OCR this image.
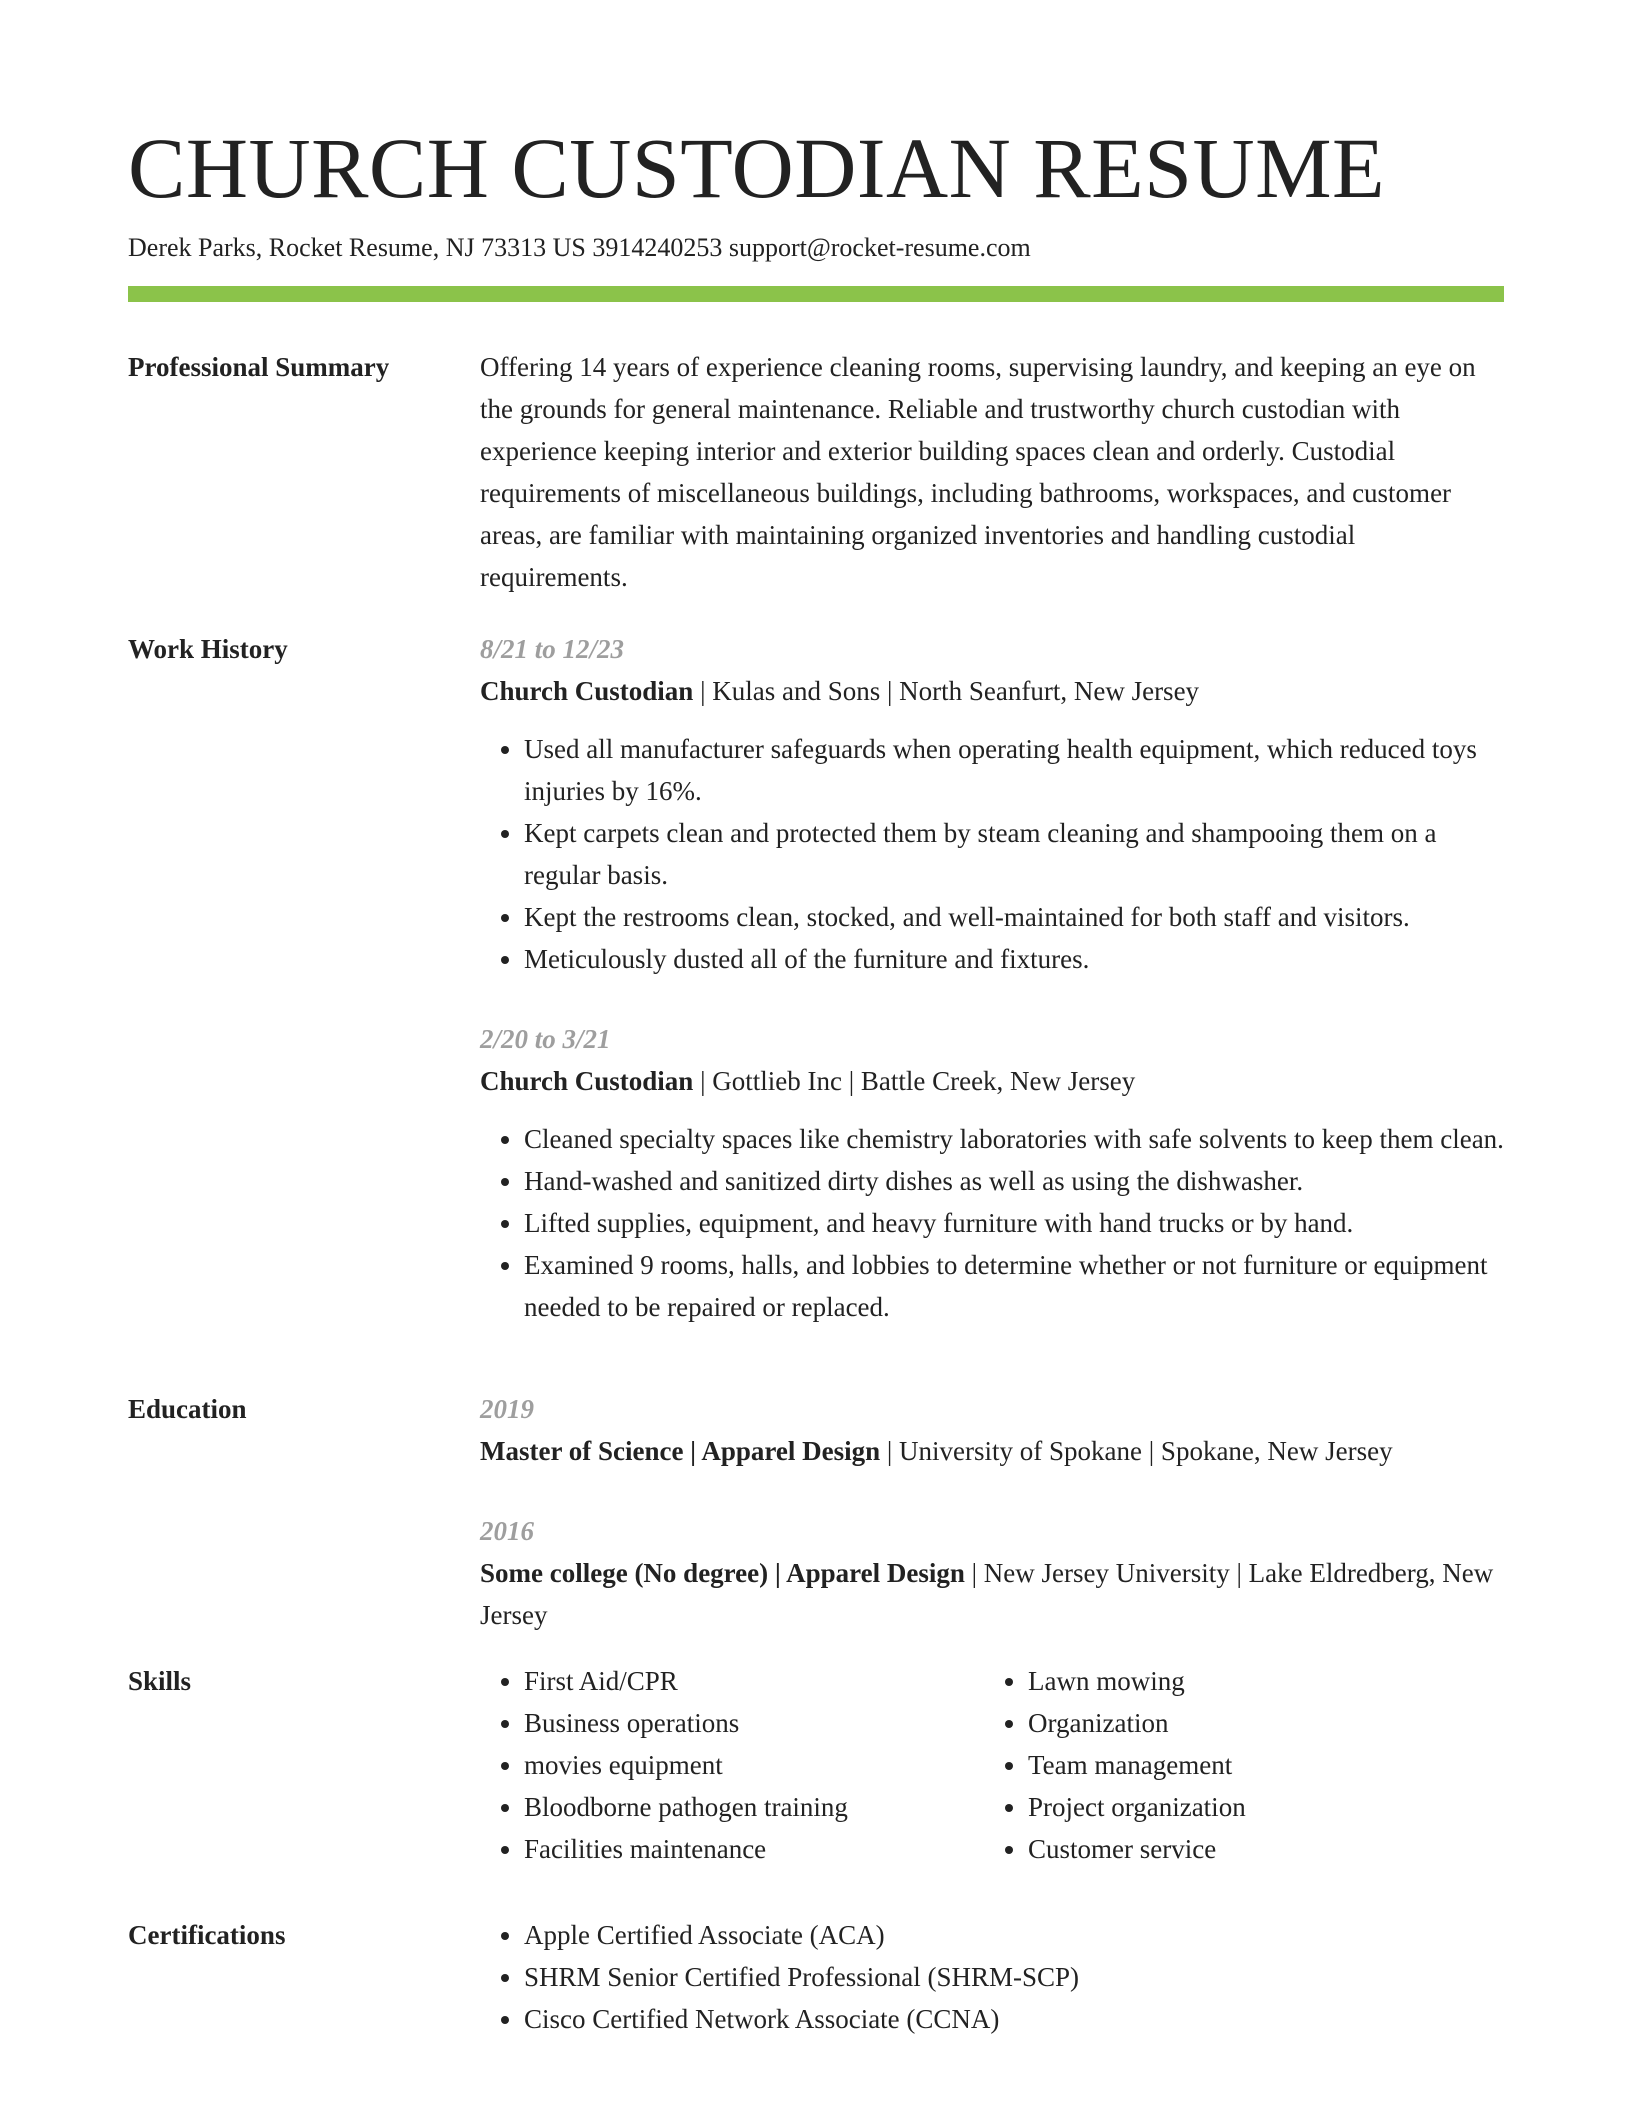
CHURCH CUSTODIAN RESUME
Derek Parks, Rocket Resume, NJ 73313 US 3914240253 support@rocket-resume.com
Professional Summary	Offering 14 years of experience cleaning rooms, supervising laundry, and keeping an eye on the grounds for general maintenance. Reliable and trustworthy church custodian with experience keeping interior and exterior building spaces clean and orderly. Custodial requirements of miscellaneous buildings, including bathrooms, workspaces, and customer areas, are familiar with maintaining organized inventories and handling custodial requirements.

Work History	8/21 to 12/23

Church Custodian | Kulas and Sons | North Seanfurt, New Jersey

• Used all manufacturer safeguards when operating health equipment, which reduced toys injuries by 16%.
• Kept carpets clean and protected them by steam cleaning and shampooing them on a regular basis.
• Kept the restrooms clean, stocked, and well-maintained for both staff and visitors.
• Meticulously dusted all of the furniture and fixtures.

2/20 to 3/21

Church Custodian | Gottlieb Inc | Battle Creek, New Jersey

• Cleaned specialty spaces like chemistry laboratories with safe solvents to keep them clean.
• Hand-washed and sanitized dirty dishes as well as using the dishwasher.
• Lifted supplies, equipment, and heavy furniture with hand trucks or by hand.
• Examined 9 rooms, halls, and lobbies to determine whether or not furniture or equipment needed to be repaired or replaced.
Education	2019

Master of Science | Apparel Design | University of Spokane | Spokane, New Jersey

2016

Some college (No degree) | Apparel Design | New Jersey University | Lake Eldredberg, New Jersey

Skills	• First Aid/CPR
• Business operations
• movies equipment
• Bloodborne pathogen training
• Facilities maintenance
• Lawn mowing
• Organization
• Team management
• Project organization
• Customer service
Certifications	• Apple Certified Associate (ACA)
• SHRM Senior Certified Professional (SHRM-SCP)
• Cisco Certified Network Associate (CCNA)
